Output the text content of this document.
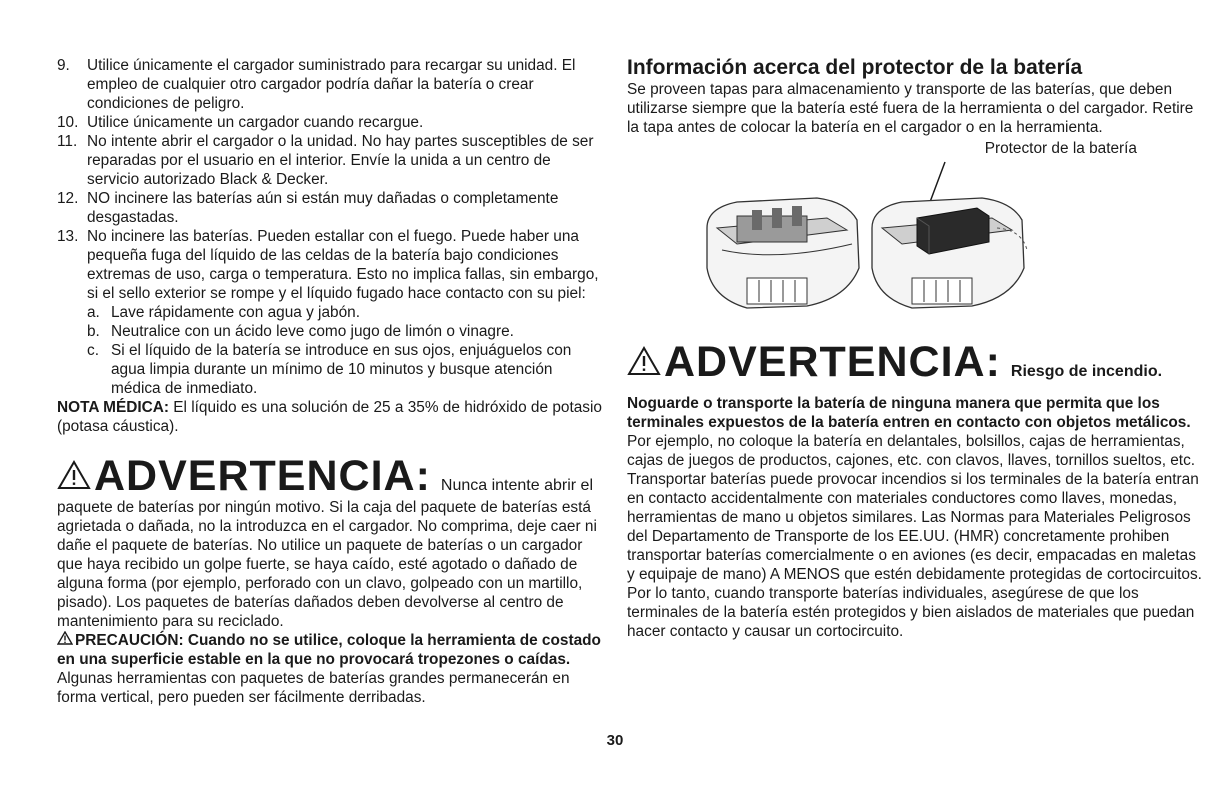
9. Utilice únicamente el cargador suministrado para recargar su unidad. El empleo de cualquier otro cargador podría dañar la batería o crear condiciones de peligro.
10. Utilice únicamente un cargador cuando recargue.
11. No intente abrir el cargador o la unidad. No hay partes susceptibles de ser reparadas por el usuario en el interior. Envíe la unida a un centro de servicio autorizado Black & Decker.
12. NO incinere las baterías aún si están muy dañadas o completamente desgastadas.
13. No incinere las baterías. Pueden estallar con el fuego. Puede haber una pequeña fuga del líquido de las celdas de la batería bajo condiciones extremas de uso, carga o temperatura. Esto no implica fallas, sin embargo, si el sello exterior se rompe y el líquido fugado hace contacto con su piel:
a. Lave rápidamente con agua y jabón.
b. Neutralice con un ácido leve como jugo de limón o vinagre.
c. Si el líquido de la batería se introduce en sus ojos, enjuáguelos con agua limpia durante un mínimo de 10 minutos y busque atención médica de inmediato.
NOTA MÉDICA: El líquido es una solución de 25 a 35% de hidróxido de potasio (potasa cáustica).
ADVERTENCIA: Nunca intente abrir el
paquete de baterías por ningún motivo. Si la caja del paquete de baterías está agrietada o dañada, no la introduzca en el cargador. No comprima, deje caer ni dañe el paquete de baterías. No utilice un paquete de baterías o un cargador que haya recibido un golpe fuerte, se haya caído, esté agotado o dañado de alguna forma (por ejemplo, perforado con un clavo, golpeado con un martillo, pisado). Los paquetes de baterías dañados deben devolverse al centro de mantenimiento para su reciclado.
PRECAUCIÓN: Cuando no se utilice, coloque la herramienta de costado en una superficie estable en la que no provocará tropezones o caídas. Algunas herramientas con paquetes de baterías grandes permanecerán en forma vertical, pero pueden ser fácilmente derribadas.
Información acerca del protector de la batería
Se proveen tapas para almacenamiento y transporte de las baterías, que deben utilizarse siempre que la batería esté fuera de la herramienta o del cargador. Retire la tapa antes de colocar la batería en el cargador o en la herramienta.
Protector de la batería
ADVERTENCIA: Riesgo de incendio.
Noguarde o transporte la batería de ninguna manera que permita que los terminales expuestos de la batería entren en contacto con objetos metálicos. Por ejemplo, no coloque la batería en delantales, bolsillos, cajas de herramientas, cajas de juegos de productos, cajones, etc. con clavos, llaves, tornillos sueltos, etc. Transportar baterías puede provocar incendios si los terminales de la batería entran en contacto accidentalmente con materiales conductores como llaves, monedas, herramientas de mano u objetos similares. Las Normas para Materiales Peligrosos del Departamento de Transporte de los EE.UU. (HMR) concretamente prohiben transportar baterías comercialmente o en aviones (es decir, empacadas en maletas y equipaje de mano) A MENOS que estén debidamente protegidas de cortocircuitos. Por lo tanto, cuando transporte baterías individuales, asegúrese de que los terminales de la batería estén protegidos y bien aislados de materiales que puedan hacer contacto y causar un cortocircuito.
30
